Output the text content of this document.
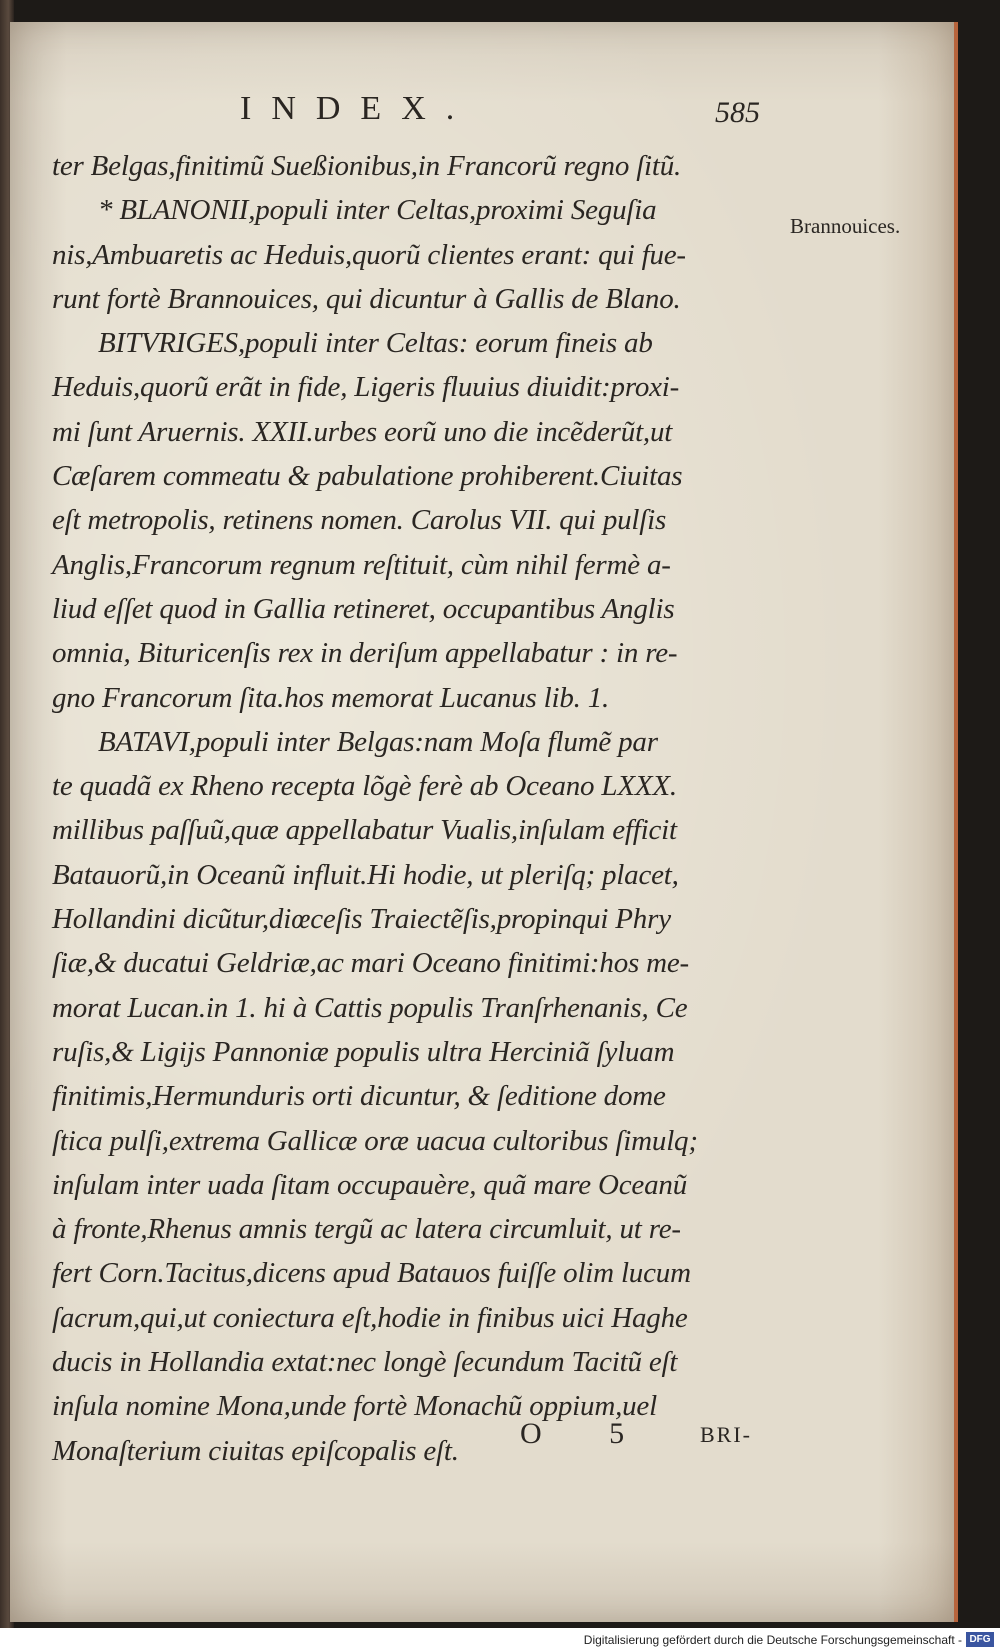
INDEX.	585
Brannouices.
ter Belgas,finitimũ Sueßionibus,in Francorũ regno ſitũ.
* BLANONII,populi inter Celtas,proximi Seguſia
nis,Ambuaretis ac Heduis,quorũ clientes erant: qui fue-
runt fortè Brannouices, qui dicuntur à Gallis de Blano.
BITVRIGES,populi inter Celtas: eorum fineis ab
Heduis,quorũ erãt in fide, Ligeris fluuius diuidit:proxi-
mi ſunt Aruernis. XXII.urbes eorũ uno die incẽderũt,ut
Cæſarem commeatu & pabulatione prohiberent.Ciuitas
eſt metropolis, retinens nomen. Carolus VII. qui pulſis
Anglis,Francorum regnum reſtituit, cùm nihil fermè a-
liud eſſet quod in Gallia retineret, occupantibus Anglis
omnia, Bituricenſis rex in deriſum appellabatur : in re-
gno Francorum ſita.hos memorat Lucanus lib. 1.
BATAVI,populi inter Belgas:nam Moſa flumẽ par
te quadã ex Rheno recepta lõgè ferè ab Oceano LXXX.
millibus paſſuũ,quæ appellabatur Vualis,inſulam efficit
Batauorũ,in Oceanũ influit.Hi hodie, ut pleriſq; placet,
Hollandini dicũtur,diœceſis Traiectẽſis,propinqui Phry
ſiæ,& ducatui Geldriæ,ac mari Oceano finitimi:hos me-
morat Lucan.in 1. hi à Cattis populis Tranſrhenanis, Ce
ruſis,& Ligijs Pannoniæ populis ultra Herciniã ſyluam
finitimis,Hermunduris orti dicuntur, & ſeditione dome
ſtica pulſi,extrema Gallicæ oræ uacua cultoribus ſimulq;
inſulam inter uada ſitam occupauère, quã mare Oceanũ
à fronte,Rhenus amnis tergũ ac latera circumluit, ut re-
fert Corn.Tacitus,dicens apud Batauos fuiſſe olim lucum
ſacrum,qui,ut coniectura eſt,hodie in finibus uici Haghe
ducis in Hollandia extat:nec longè ſecundum Tacitũ eſt
inſula nomine Mona,unde fortè Monachũ oppium,uel
Monaſterium ciuitas epiſcopalis eſt.
O 5 BRI-
Digitalisierung gefördert durch die Deutsche Forschungsgemeinschaft - DFG
